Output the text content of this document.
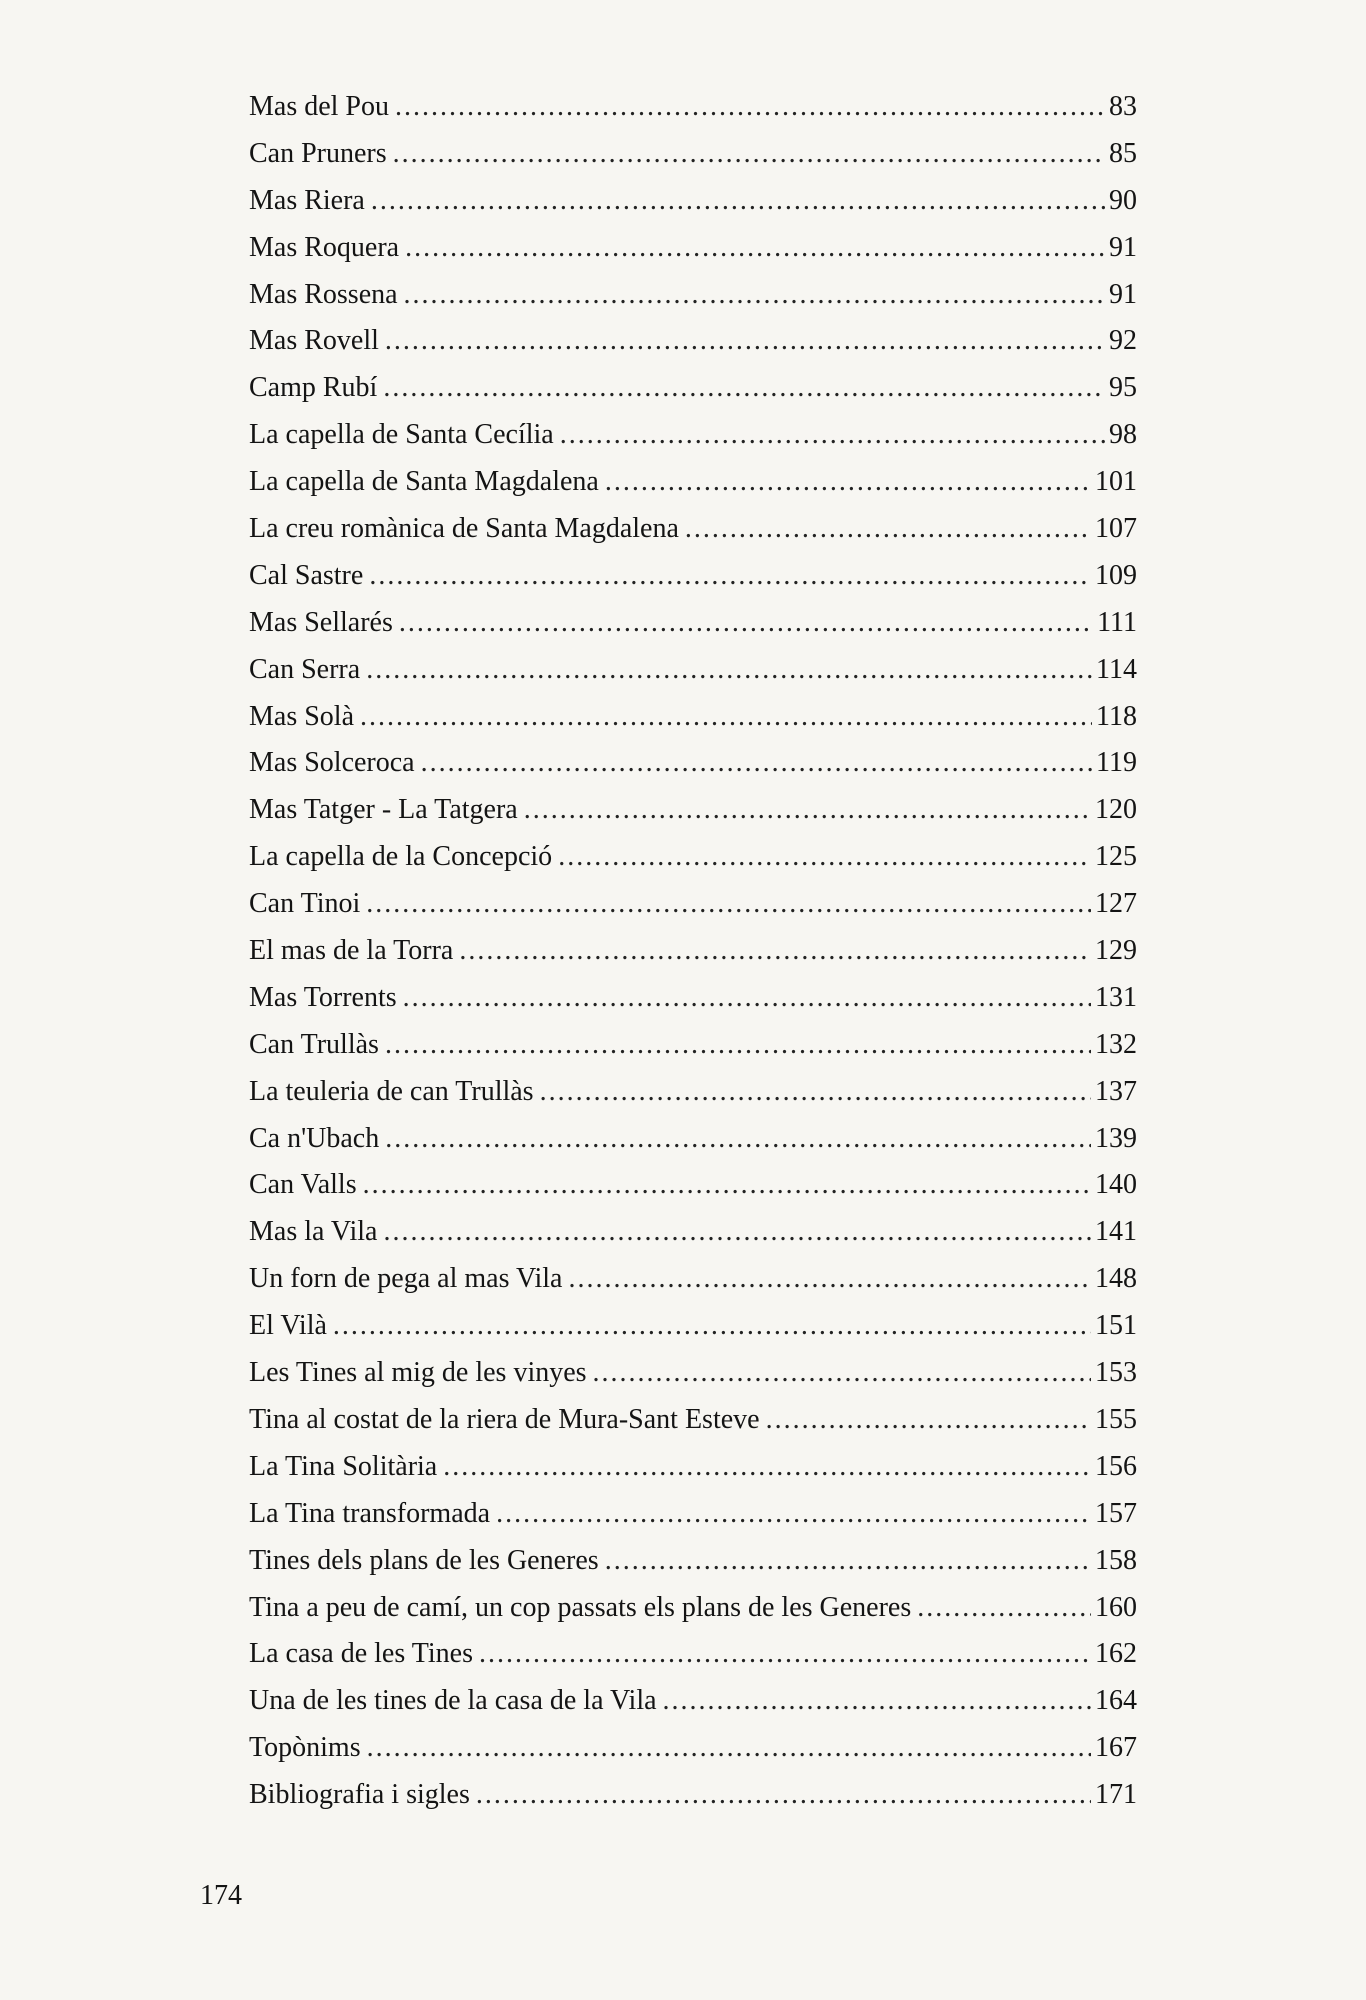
Mas del Pou .....	83
Can Pruners .....	85
Mas Riera .....	90
Mas Roquera .....	91
Mas Rossena .....	91
Mas Rovell .....	92
Camp Rubí .....	95
La capella de Santa Cecília .....	98
La capella de Santa Magdalena .....	101
La creu romànica de Santa Magdalena .....	107
Cal Sastre .....	109
Mas Sellarés .....	111
Can Serra .....	114
Mas Solà .....	118
Mas Solceroca .....	119
Mas Tatger - La Tatgera .....	120
La capella de la Concepció .....	125
Can Tinoi .....	127
El mas de la Torra .....	129
Mas Torrents .....	131
Can Trullàs .....	132
La teuleria de can Trullàs .....	137
Ca n'Ubach .....	139
Can Valls .....	140
Mas la Vila .....	141
Un forn de pega al mas Vila .....	148
El Vilà .....	151
Les Tines al mig de les vinyes .....	153
Tina al costat de la riera de Mura-Sant Esteve .....	155
La Tina Solitària .....	156
La Tina transformada .....	157
Tines dels plans de les Generes .....	158
Tina a peu de camí, un cop passats els plans de les Generes .....	160
La casa de les Tines .....	162
Una de les tines de la casa de la Vila .....	164
Topònims .....	167
Bibliografia i sigles .....	171
174
